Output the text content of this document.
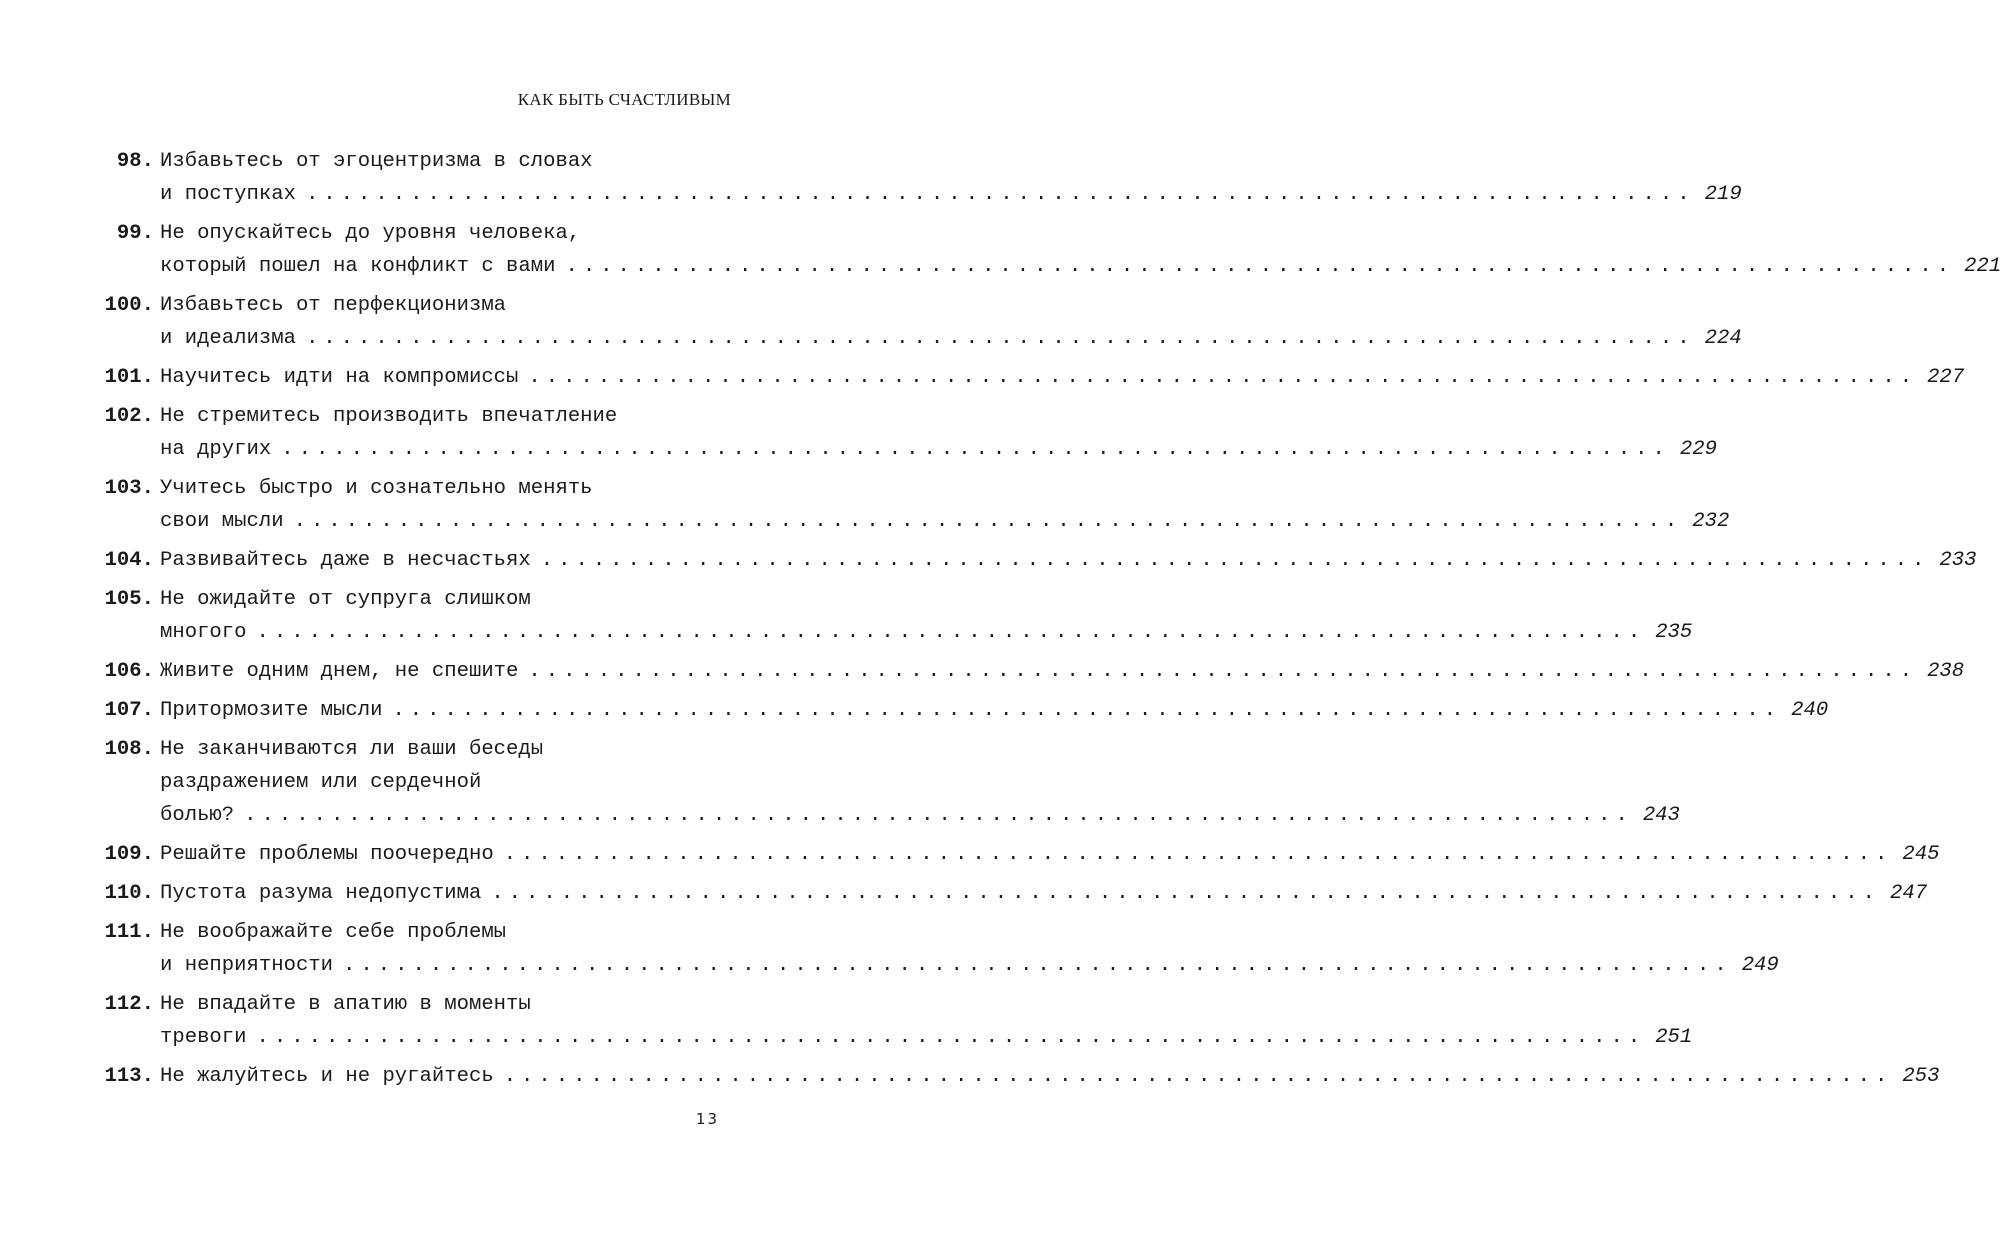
КАК БЫТЬ СЧАСТЛИВЫМ
98. Избавьтесь от эгоцентризма в словах
и поступках ................................................................................ 219
99. Не опускайтесь до уровня человека,
который пошел на конфликт с вами ................................................................................ 221
100. Избавьтесь от перфекционизма
и идеализма ................................................................................ 224
101. Научитесь идти на компромиссы ................................................................................ 227
102. Не стремитесь производить впечатление
на других ................................................................................ 229
103. Учитесь быстро и сознательно менять
свои мысли ................................................................................ 232
104. Развивайтесь даже в несчастьях ................................................................................ 233
105. Не ожидайте от супруга слишком
многого ................................................................................ 235
106. Живите одним днем, не спешите ................................................................................ 238
107. Притормозите мысли ................................................................................ 240
108. Не заканчиваются ли ваши беседы
раздражением или сердечной
болью? ................................................................................ 243
109. Решайте проблемы поочередно ................................................................................ 245
110. Пустота разума недопустима ................................................................................ 247
111. Не воображайте себе проблемы
и неприятности ................................................................................ 249
112. Не впадайте в апатию в моменты
тревоги ................................................................................ 251
113. Не жалуйтесь и не ругайтесь ................................................................................ 253
13
